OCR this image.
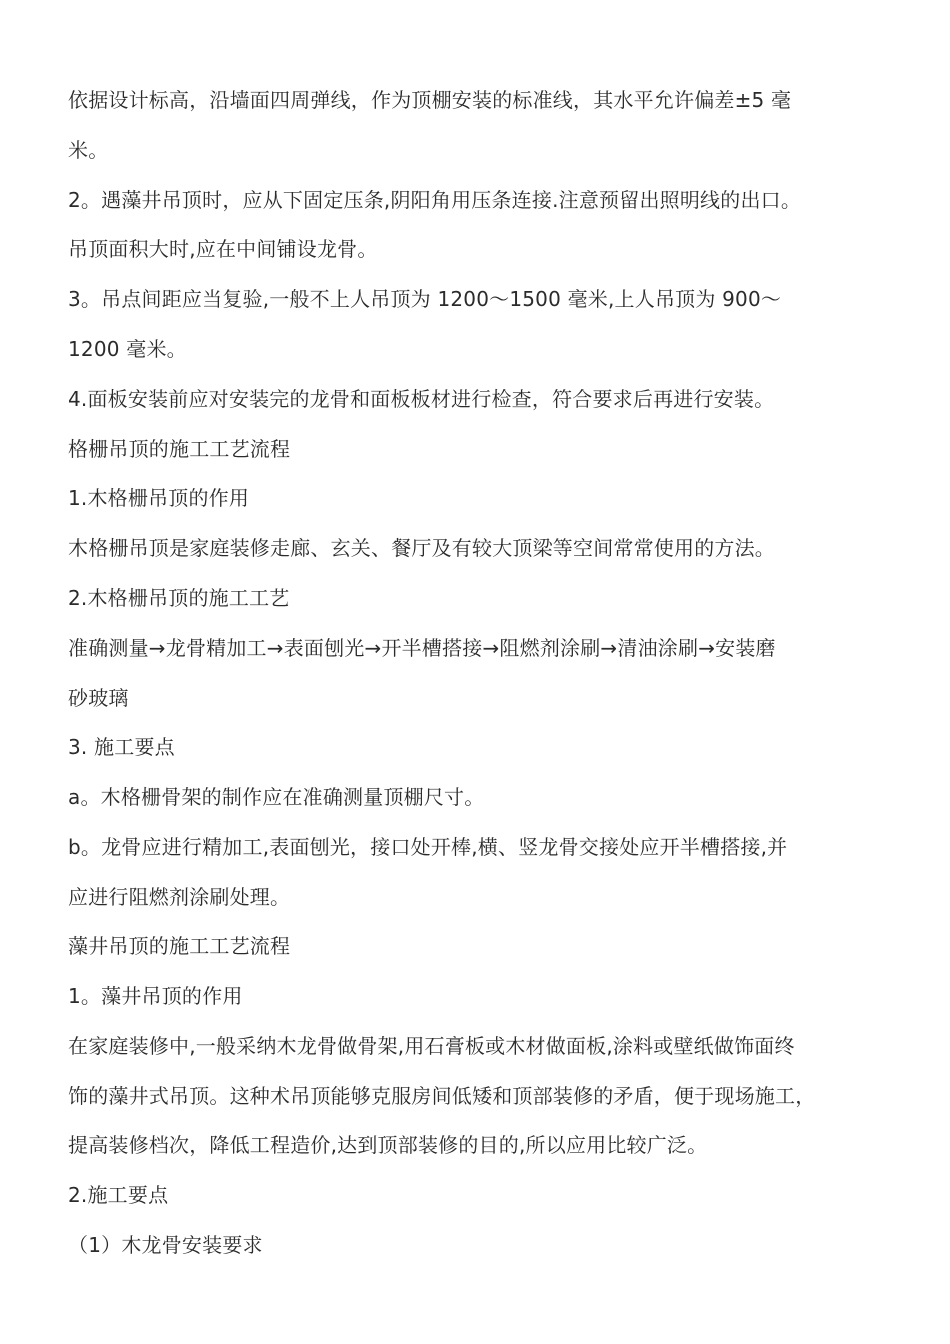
依据设计标高，沿墙面四周弹线，作为顶棚安装的标准线，其水平允许偏差±5 毫
米。
2。遇藻井吊顶时，应从下固定压条,阴阳角用压条连接.注意预留出照明线的出口。
吊顶面积大时,应在中间铺设龙骨。
3。吊点间距应当复验,一般不上人吊顶为 1200～1500 毫米,上人吊顶为 900～
1200 毫米。
4.面板安装前应对安装完的龙骨和面板板材进行检查，符合要求后再进行安装。
格栅吊顶的施工工艺流程
1.木格栅吊顶的作用
木格栅吊顶是家庭装修走廊、玄关、餐厅及有较大顶梁等空间常常使用的方法。
2.木格栅吊顶的施工工艺
准确测量→龙骨精加工→表面刨光→开半槽搭接→阻燃剂涂刷→清油涂刷→安装磨
砂玻璃
3. 施工要点
a。木格栅骨架的制作应在准确测量顶棚尺寸。
b。龙骨应进行精加工,表面刨光，接口处开棒,横、竖龙骨交接处应开半槽搭接,并
应进行阻燃剂涂刷处理。
藻井吊顶的施工工艺流程
1。藻井吊顶的作用
在家庭装修中,一般采纳木龙骨做骨架,用石膏板或木材做面板,涂料或壁纸做饰面终
饰的藻井式吊顶。这种术吊顶能够克服房间低矮和顶部装修的矛盾，便于现场施工，
提高装修档次，降低工程造价,达到顶部装修的目的,所以应用比较广泛。
2.施工要点
（1）木龙骨安装要求
